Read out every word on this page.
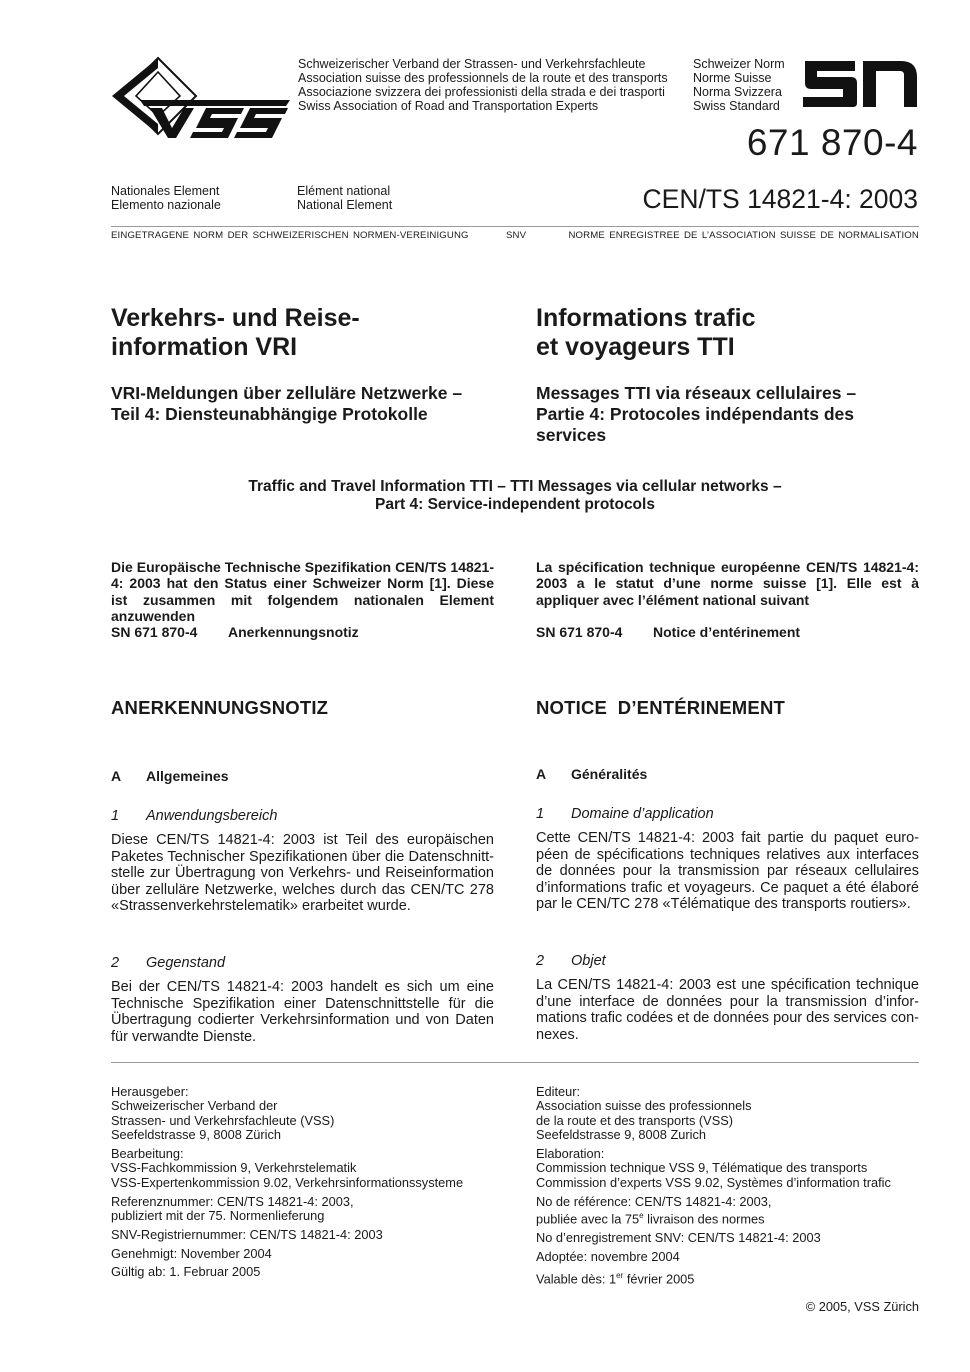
Schweizerischer Verband der Strassen- und Verkehrsfachleute
Association suisse des professionnels de la route et des transports
Associazione svizzera dei professionisti della strada e dei trasporti
Swiss Association of Road and Transportation Experts
Schweizer Norm
Norme Suisse
Norma Svizzera
Swiss Standard
671 870-4
Nationales Element
Elemento nazionale
Elément national
National Element	CEN/TS 14821-4: 2003
EINGETRAGENE NORM DER SCHWEIZERISCHEN NORMEN-VEREINIGUNG	SNV	NORME ENREGISTREE DE L’ASSOCIATION SUISSE DE NORMALISATION
Verkehrs- und Reise-
information VRI
Informations trafic
et voyageurs TTI
VRI-Meldungen über zelluläre Netzwerke –
Teil 4: Diensteunabhängige Protokolle
Messages TTI via réseaux cellulaires –
Partie 4: Protocoles indépendants des
services
Traffic and Travel Information TTI – TTI Messages via cellular networks –
Part 4: Service-independent protocols
Die Europäische Technische Spezifikation CEN/TS 14821-4: 2003 hat den Status einer Schweizer Norm [1]. Diese ist zusammen mit folgendem nationalen Element anzuwenden
SN 671 870-4 Anerkennungsnotiz
La spécification technique européenne CEN/TS 14821-4: 2003 a le statut d’une norme suisse [1]. Elle est à appliquer avec l’élément national suivant
SN 671 870-4 Notice d’entérinement
ANERKENNUNGSNOTIZ	NOTICE  D’ENTÉRINEMENT
A Allgemeines	A Généralités
1 Anwendungsbereich	1 Domaine d’application
Diese CEN/TS 14821-4: 2003 ist Teil des europäischen Paketes Technischer Spezifikationen über die Datenschnitt-stelle zur Übertragung von Verkehrs- und Reiseinformation über zelluläre Netzwerke, welches durch das CEN/TC 278 «Strassenverkehrstelematik» erarbeitet wurde.
Cette CEN/TS 14821-4: 2003 fait partie du paquet euro-péen de spécifications techniques relatives aux interfaces de données pour la transmission par réseaux cellulaires d’informations trafic et voyageurs. Ce paquet a été élaboré par le CEN/TC 278 «Télématique des transports routiers».
2 Gegenstand	2 Objet
Bei der CEN/TS 14821-4: 2003 handelt es sich um eine Technische Spezifikation einer Datenschnittstelle für die Übertragung codierter Verkehrsinformation und von Daten für verwandte Dienste.
La CEN/TS 14821-4: 2003 est une spécification technique d’une interface de données pour la transmission d’infor-mations trafic codées et de données pour des services con-nexes.

Herausgeber:
Schweizerischer Verband der
Strassen- und Verkehrsfachleute (VSS)
Seefeldstrasse 9, 8008 Zürich

Bearbeitung:
VSS-Fachkommission 9, Verkehrstelematik
VSS-Expertenkommission 9.02, Verkehrsinformationssysteme

Referenznummer: CEN/TS 14821-4: 2003,
publiziert mit der 75. Normenlieferung

SNV-Registriernummer: CEN/TS 14821-4: 2003

Genehmigt: November 2004

Gültig ab: 1. Februar 2005

Editeur:
Association suisse des professionnels
de la route et des transports (VSS)
Seefeldstrasse 9, 8008 Zurich

Elaboration:
Commission technique VSS 9, Télématique des transports
Commission d’experts VSS 9.02, Systèmes d’information trafic

No de référence: CEN/TS 14821-4: 2003,
publiée avec la 75e livraison des normes

No d’enregistrement SNV: CEN/TS 14821-4: 2003

Adoptée: novembre 2004

Valable dès: 1er février 2005

© 2005, VSS Zürich
